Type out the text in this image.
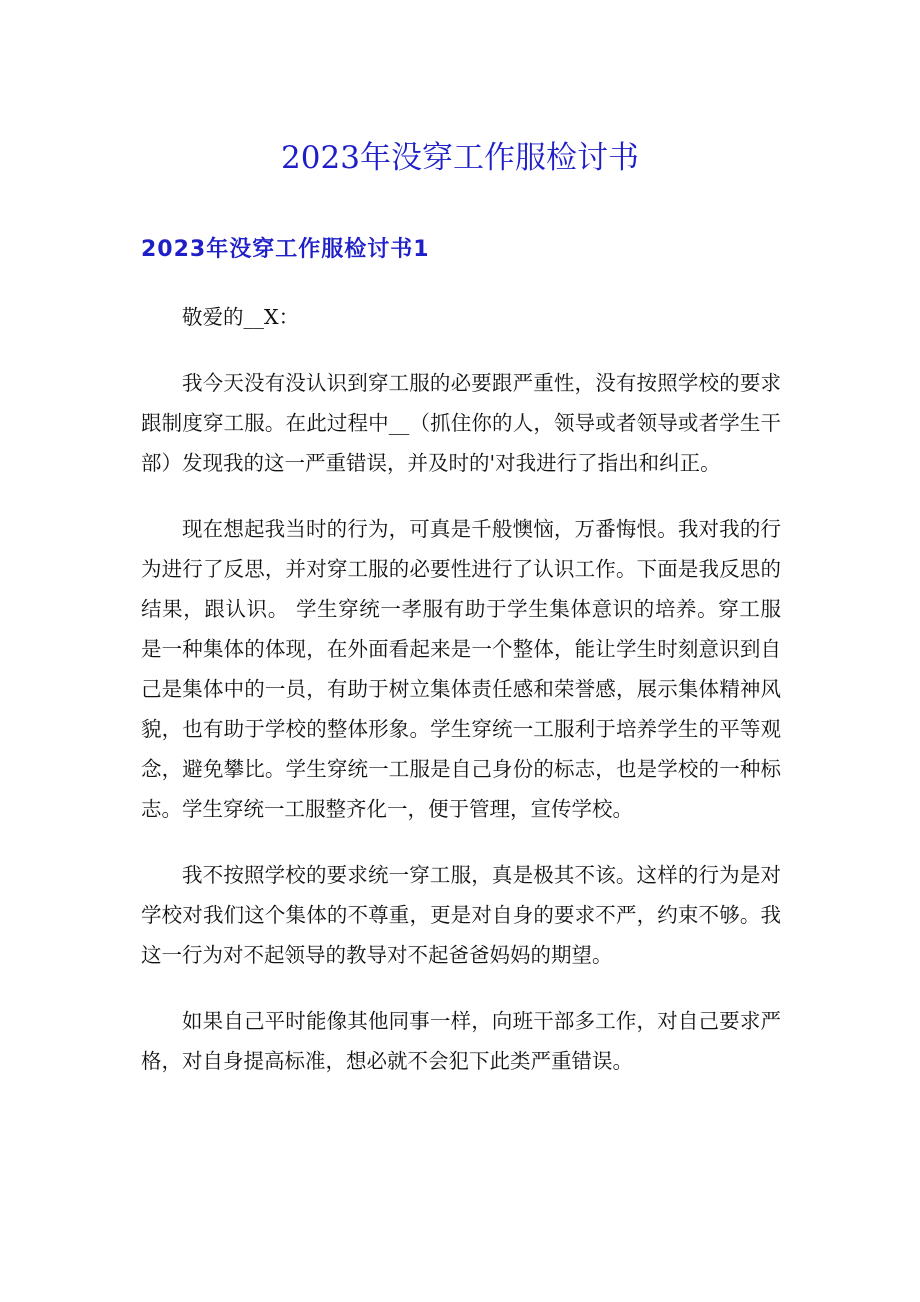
2023年没穿工作服检讨书
2023年没穿工作服检讨书1

敬爱的__X：

我今天没有没认识到穿工服的必要跟严重性，没有按照学校的要求跟制度穿工服。在此过程中__（抓住你的人，领导或者领导或者学生干部）发现我的这一严重错误，并及时的'对我进行了指出和纠正。

现在想起我当时的行为，可真是千般懊恼，万番悔恨。我对我的行为进行了反思，并对穿工服的必要性进行了认识工作。下面是我反思的结果，跟认识。 学生穿统一孝服有助于学生集体意识的培养。穿工服是一种集体的体现，在外面看起来是一个整体，能让学生时刻意识到自己是集体中的一员，有助于树立集体责任感和荣誉感，展示集体精神风貌，也有助于学校的整体形象。学生穿统一工服利于培养学生的平等观念，避免攀比。学生穿统一工服是自己身份的标志，也是学校的一种标志。学生穿统一工服整齐化一，便于管理，宣传学校。

我不按照学校的要求统一穿工服，真是极其不该。这样的行为是对学校对我们这个集体的不尊重，更是对自身的要求不严，约束不够。我这一行为对不起领导的教导对不起爸爸妈妈的期望。

如果自己平时能像其他同事一样，向班干部多工作，对自己要求严格，对自身提高标准，想必就不会犯下此类严重错误。
